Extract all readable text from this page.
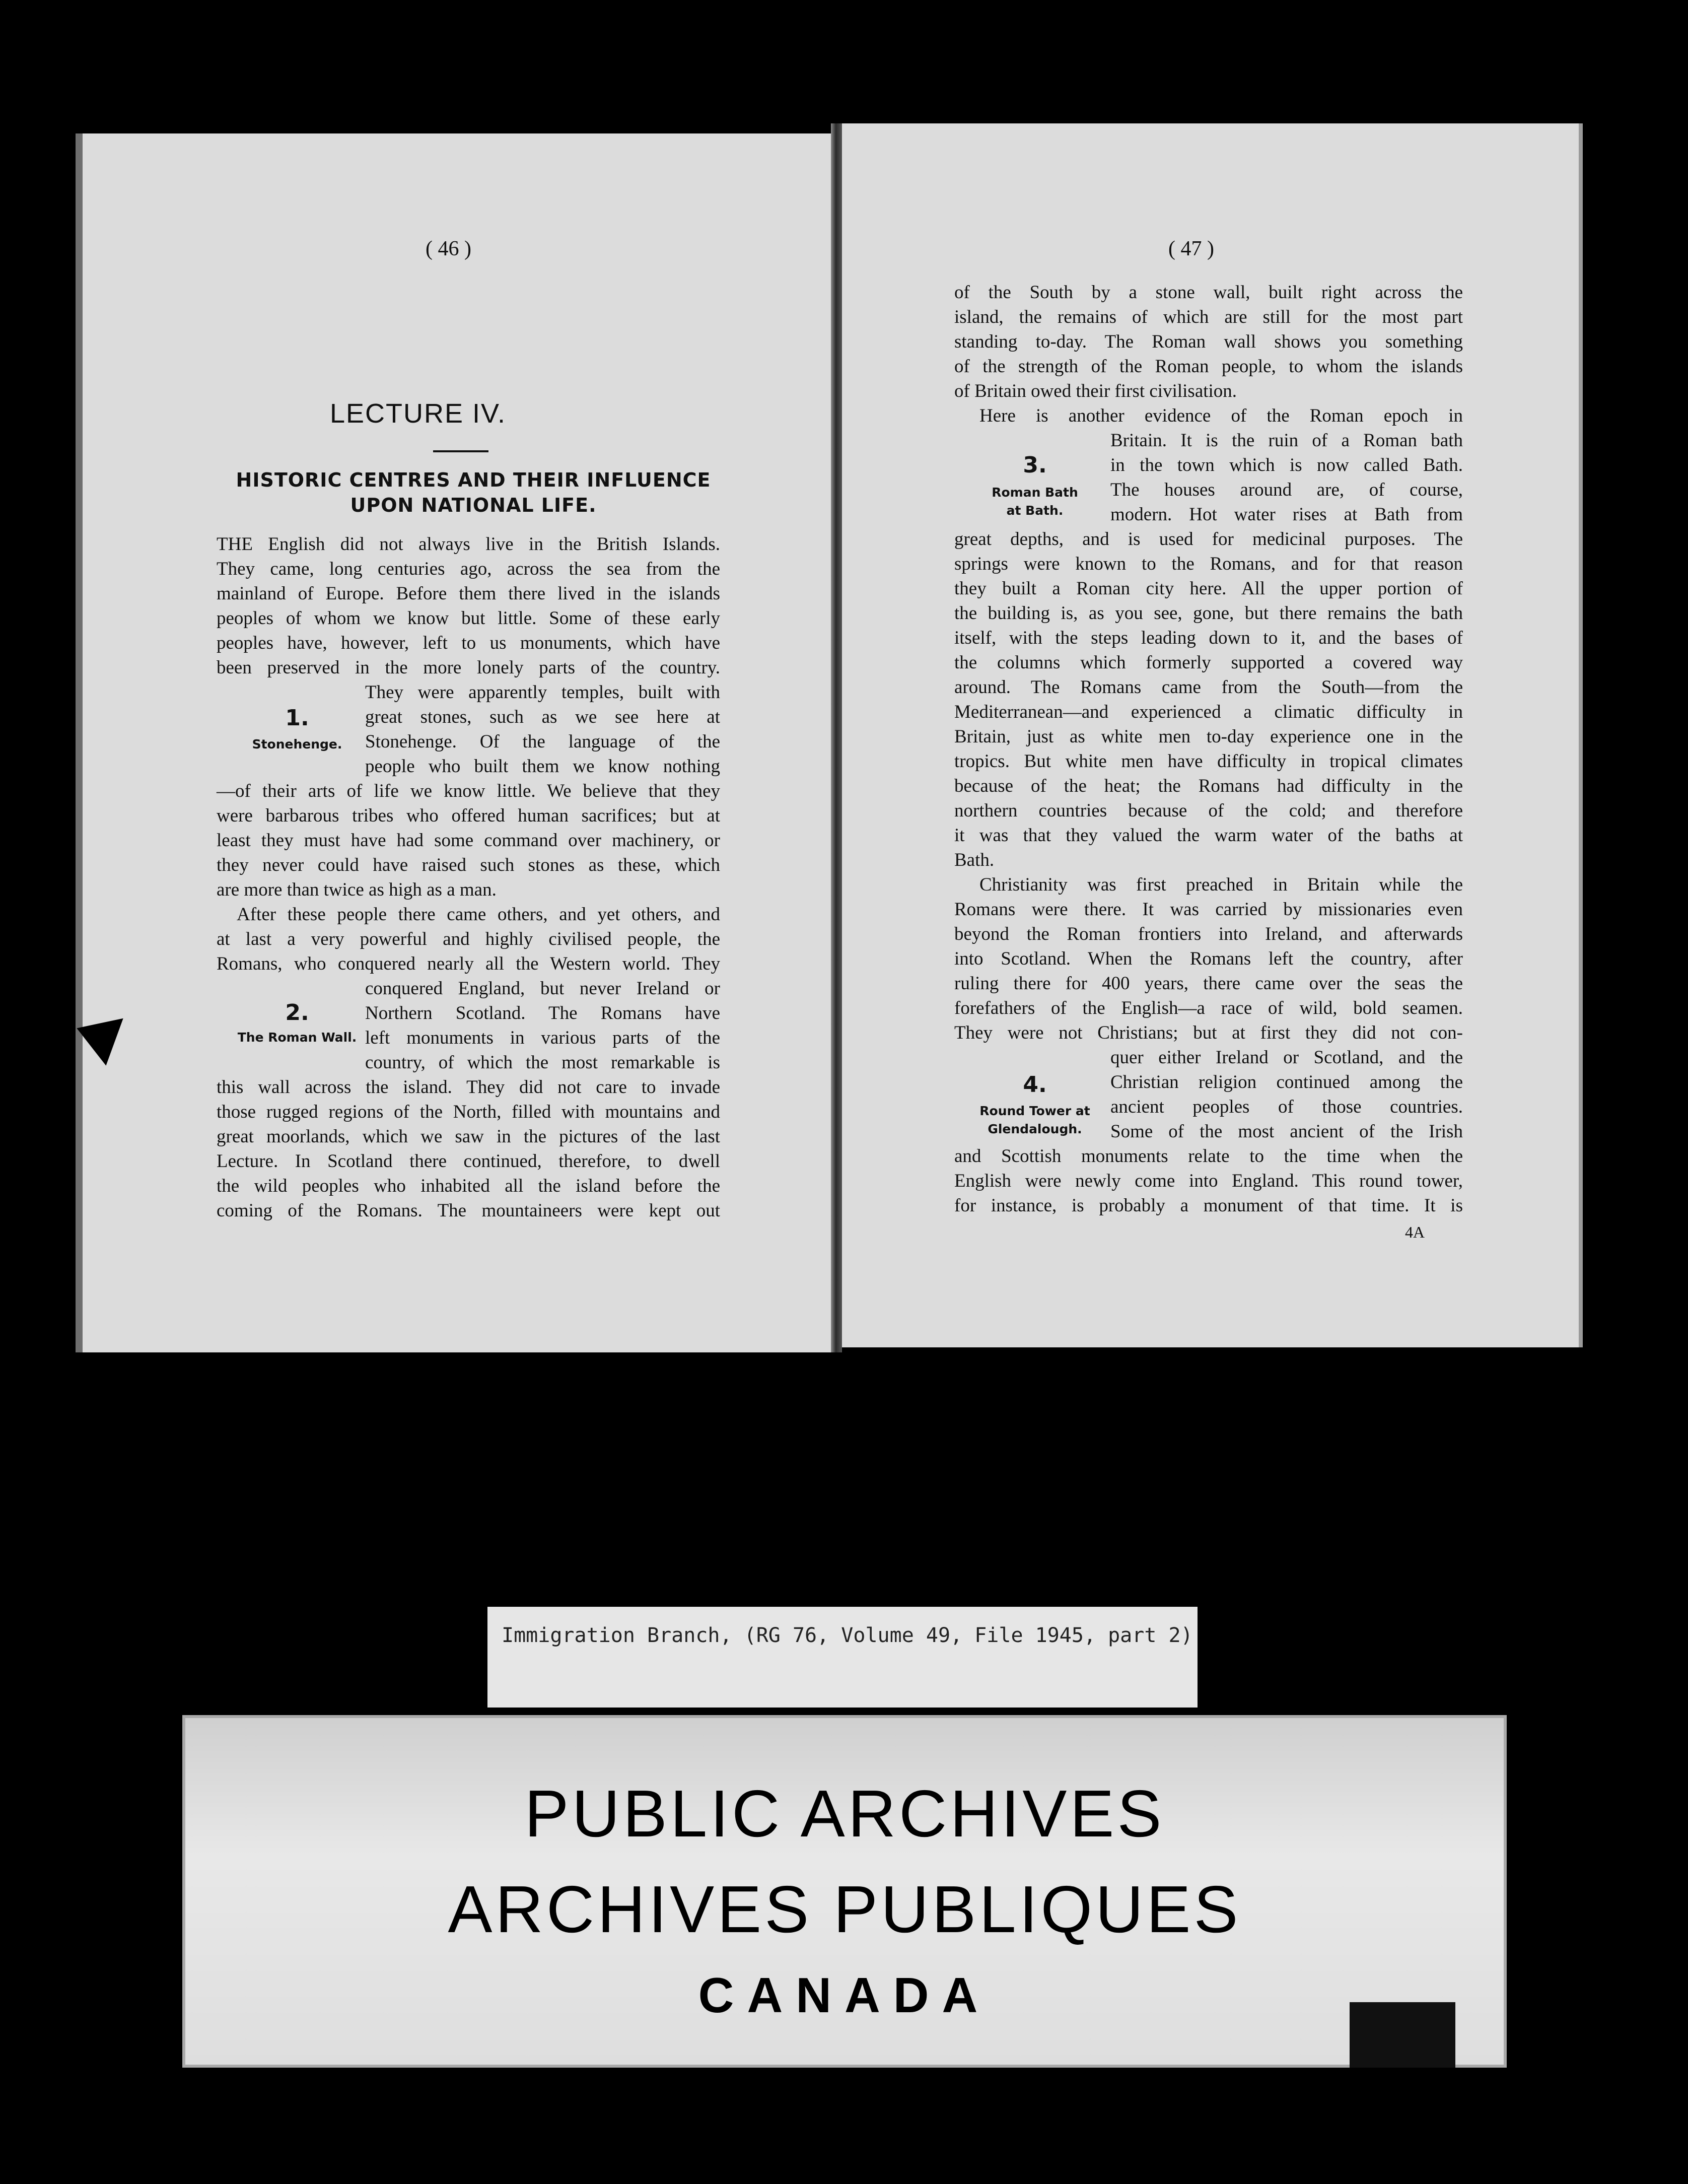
( 46 )
LECTURE IV.
HISTORIC CENTRES AND THEIR INFLUENCE
UPON NATIONAL LIFE.
THE English did not always live in the British Islands.
They came, long centuries ago, across the sea from the
mainland of Europe. Before them there lived in the islands
peoples of whom we know but little. Some of these early
peoples have, however, left to us monuments, which have
been preserved in the more lonely parts of the country.
They were apparently temples, built with
great stones, such as we see here at
Stonehenge. Of the language of the
people who built them we know nothing
—of their arts of life we know little. We believe that they
were barbarous tribes who offered human sacrifices; but at
least they must have had some command over machinery, or
they never could have raised such stones as these, which
are more than twice as high as a man.
After these people there came others, and yet others, and
at last a very powerful and highly civilised people, the
Romans, who conquered nearly all the Western world. They
conquered England, but never Ireland or
Northern Scotland. The Romans have
left monuments in various parts of the
country, of which the most remarkable is
this wall across the island. They did not care to invade
those rugged regions of the North, filled with mountains and
great moorlands, which we saw in the pictures of the last
Lecture. In Scotland there continued, therefore, to dwell
the wild peoples who inhabited all the island before the
coming of the Romans. The mountaineers were kept out
1.
Stonehenge.
2.
The Roman Wall.
( 47 )
of the South by a stone wall, built right across the
island, the remains of which are still for the most part
standing to-day. The Roman wall shows you something
of the strength of the Roman people, to whom the islands
of Britain owed their first civilisation.
Here is another evidence of the Roman epoch in
Britain. It is the ruin of a Roman bath
in the town which is now called Bath.
The houses around are, of course,
modern. Hot water rises at Bath from
great depths, and is used for medicinal purposes. The
springs were known to the Romans, and for that reason
they built a Roman city here. All the upper portion of
the building is, as you see, gone, but there remains the bath
itself, with the steps leading down to it, and the bases of
the columns which formerly supported a covered way
around. The Romans came from the South—from the
Mediterranean—and experienced a climatic difficulty in
Britain, just as white men to-day experience one in the
tropics. But white men have difficulty in tropical climates
because of the heat; the Romans had difficulty in the
northern countries because of the cold; and therefore
it was that they valued the warm water of the baths at
Bath.
Christianity was first preached in Britain while the
Romans were there. It was carried by missionaries even
beyond the Roman frontiers into Ireland, and afterwards
into Scotland. When the Romans left the country, after
ruling there for 400 years, there came over the seas the
forefathers of the English—a race of wild, bold seamen.
They were not Christians; but at first they did not con-
quer either Ireland or Scotland, and the
Christian religion continued among the
ancient peoples of those countries.
Some of the most ancient of the Irish
and Scottish monuments relate to the time when the
English were newly come into England. This round tower,
for instance, is probably a monument of that time. It is
3.
Roman Bath
at Bath.
4.
Round Tower at
Glendalough.
4A
Immigration Branch, (RG 76, Volume 49, File 1945, part 2)
PUBLIC ARCHIVES
ARCHIVES PUBLIQUES
CANADA
